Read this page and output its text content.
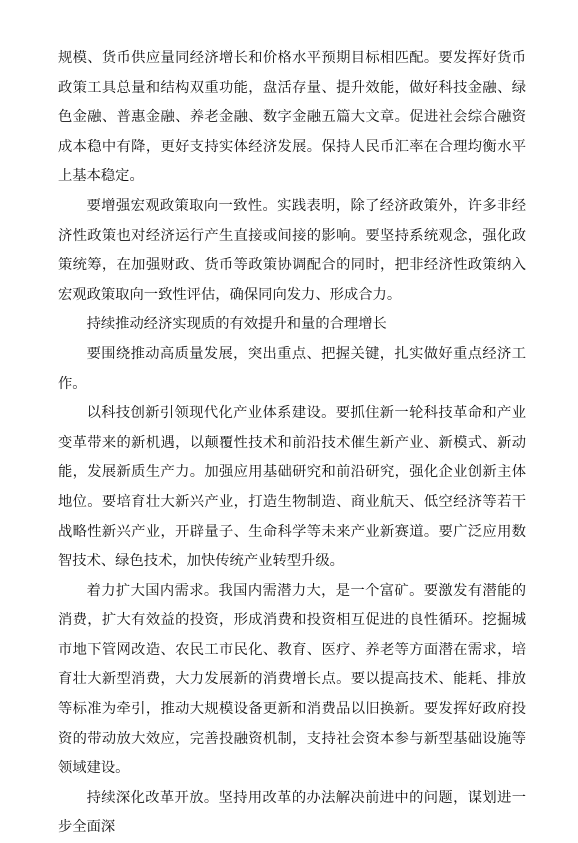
规模、货币供应量同经济增长和价格水平预期目标相匹配。要发挥好货币政策工具总量和结构双重功能，盘活存量、提升效能，做好科技金融、绿色金融、普惠金融、养老金融、数字金融五篇大文章。促进社会综合融资成本稳中有降，更好支持实体经济发展。保持人民币汇率在合理均衡水平上基本稳定。

要增强宏观政策取向一致性。实践表明，除了经济政策外，许多非经济性政策也对经济运行产生直接或间接的影响。要坚持系统观念，强化政策统筹，在加强财政、货币等政策协调配合的同时，把非经济性政策纳入宏观政策取向一致性评估，确保同向发力、形成合力。

持续推动经济实现质的有效提升和量的合理增长

要围绕推动高质量发展，突出重点、把握关键，扎实做好重点经济工作。

以科技创新引领现代化产业体系建设。要抓住新一轮科技革命和产业变革带来的新机遇，以颠覆性技术和前沿技术催生新产业、新模式、新动能，发展新质生产力。加强应用基础研究和前沿研究，强化企业创新主体地位。要培育壮大新兴产业，打造生物制造、商业航天、低空经济等若干战略性新兴产业，开辟量子、生命科学等未来产业新赛道。要广泛应用数智技术、绿色技术，加快传统产业转型升级。

着力扩大国内需求。我国内需潜力大，是一个富矿。要激发有潜能的消费，扩大有效益的投资，形成消费和投资相互促进的良性循环。挖掘城市地下管网改造、农民工市民化、教育、医疗、养老等方面潜在需求，培育壮大新型消费，大力发展新的消费增长点。要以提高技术、能耗、排放等标准为牵引，推动大规模设备更新和消费品以旧换新。要发挥好政府投资的带动放大效应，完善投融资机制，支持社会资本参与新型基础设施等领域建设。

持续深化改革开放。坚持用改革的办法解决前进中的问题，谋划进一步全面深
